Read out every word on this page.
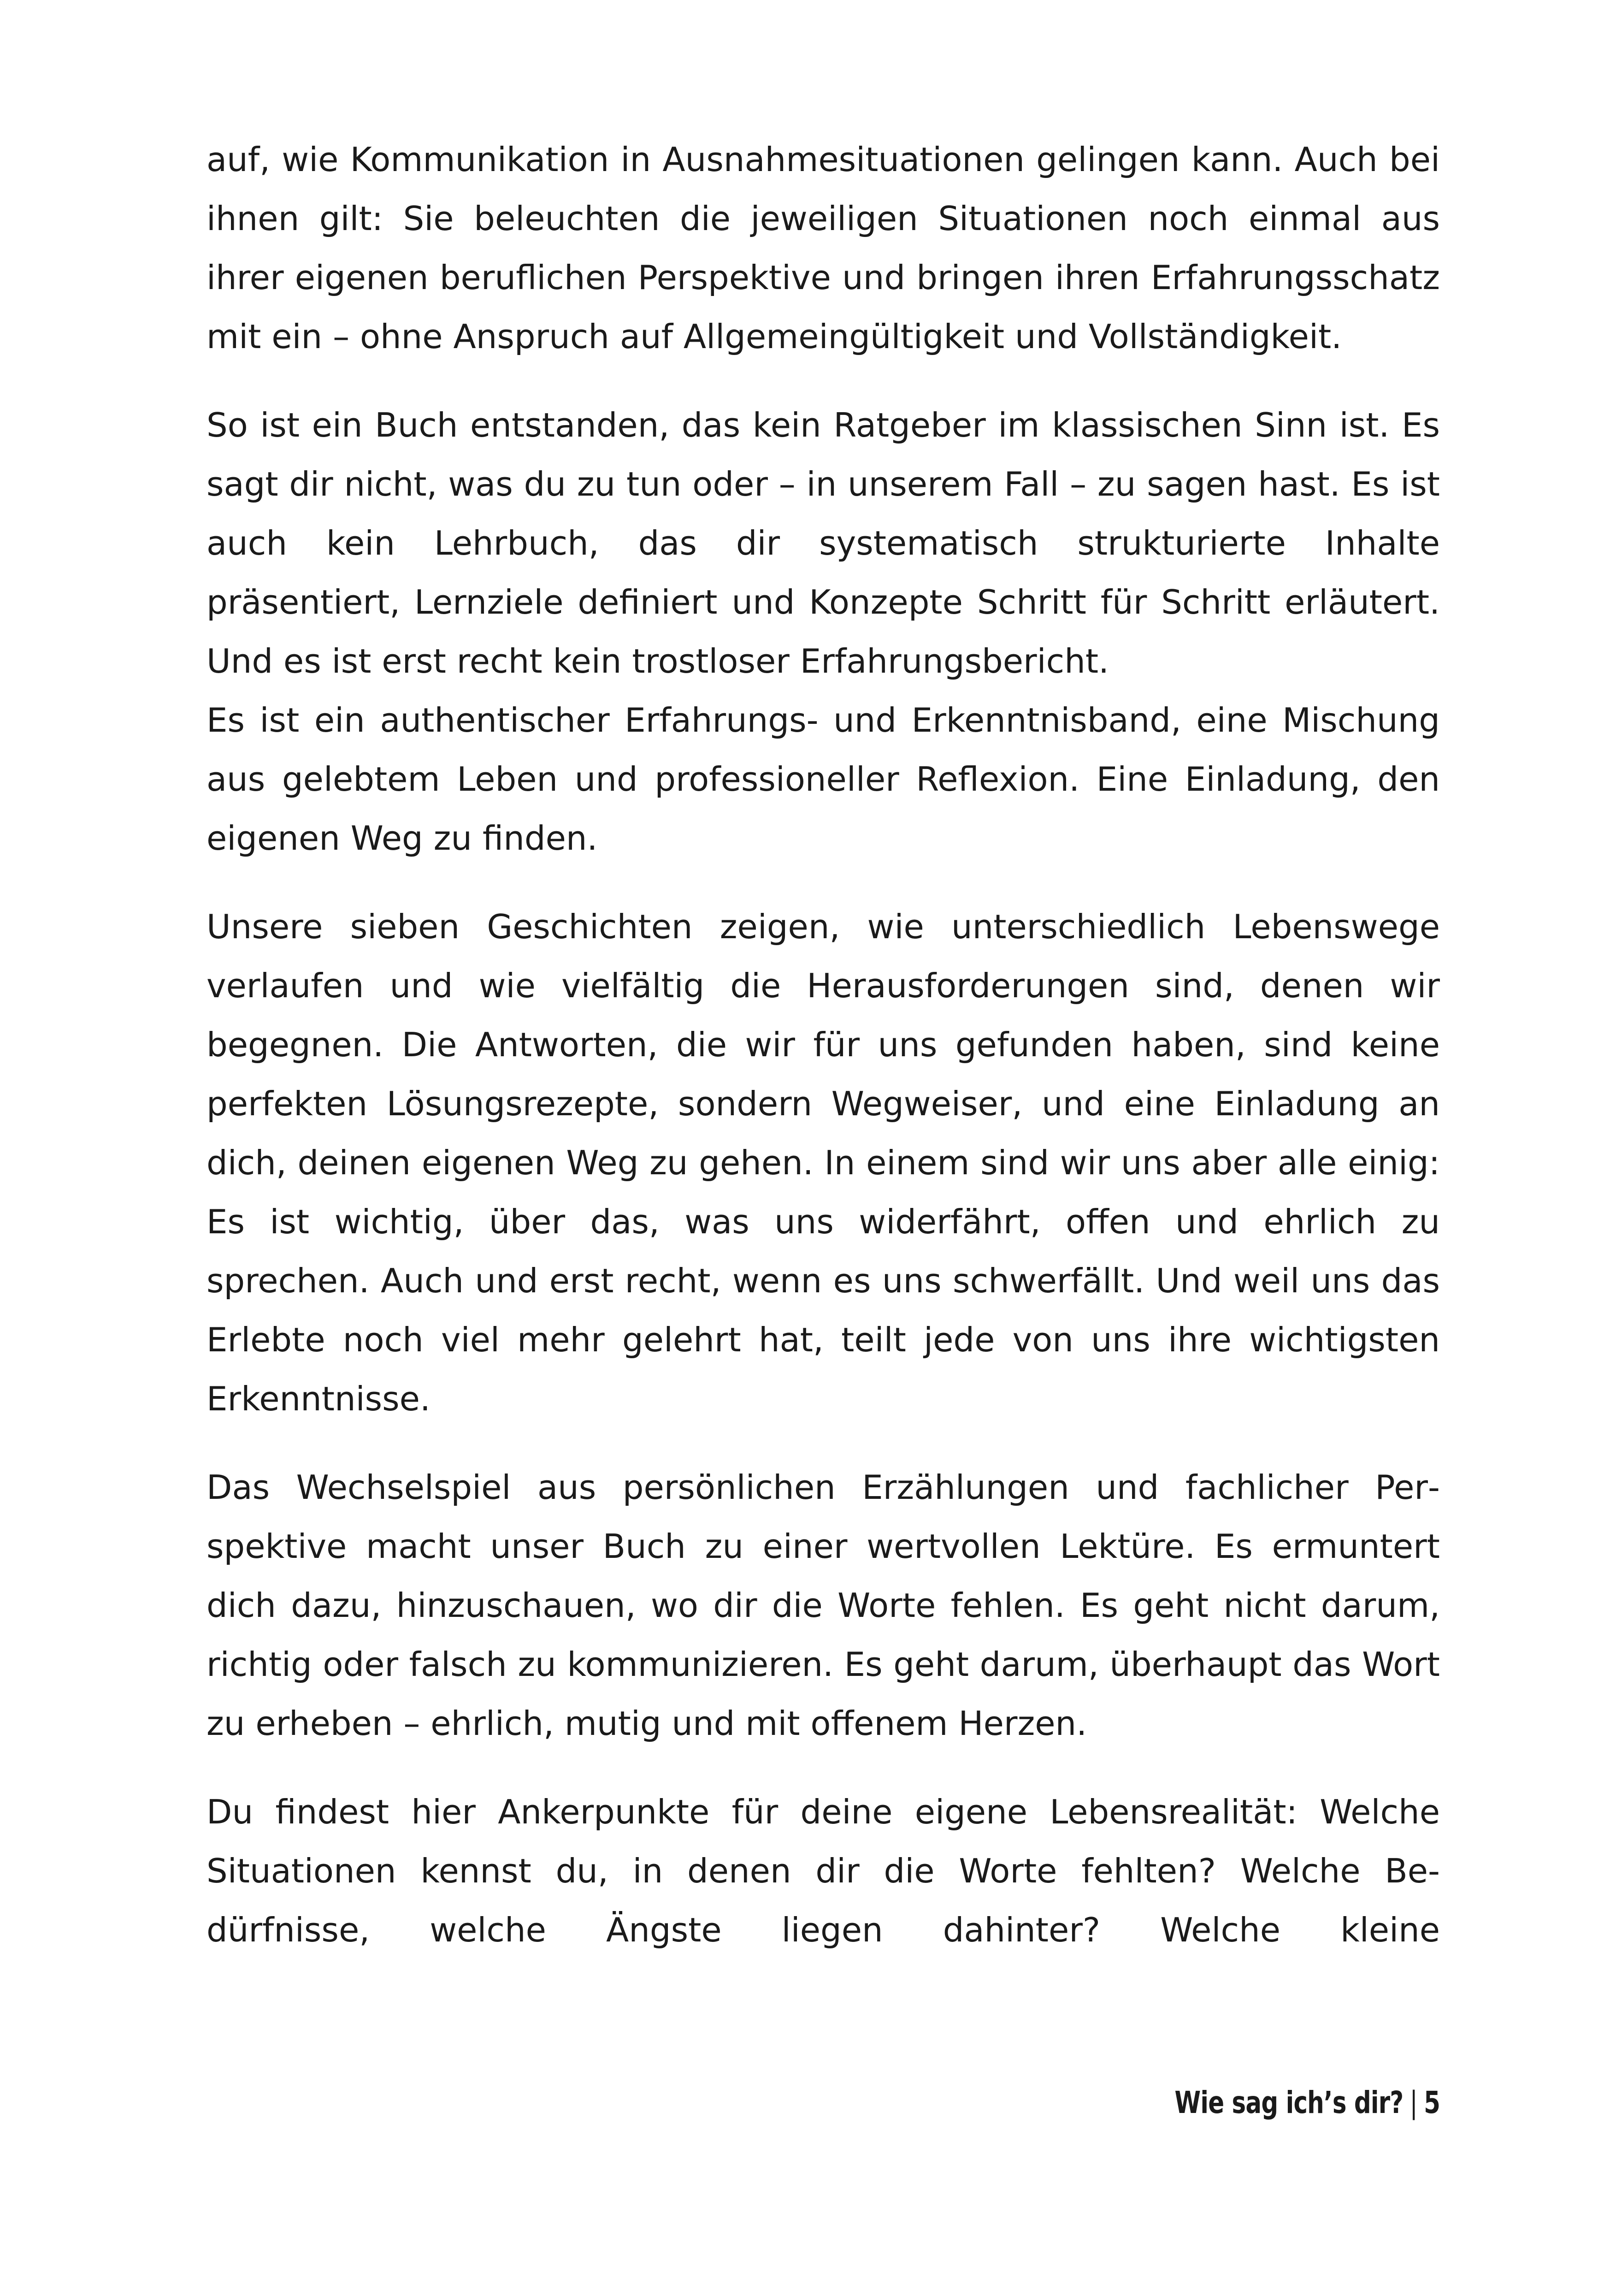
auf, wie Kommunikation in Ausnahmesituationen gelingen kann. Auch bei ihnen gilt: Sie beleuchten die jeweiligen Situationen noch einmal aus ihrer eigenen beruflichen Perspektive und bringen ihren Erfahrungsschatz mit ein – ohne Anspruch auf Allgemeingültigkeit und Vollständigkeit.

So ist ein Buch entstanden, das kein Ratgeber im klassischen Sinn ist. Es sagt dir nicht, was du zu tun oder – in unserem Fall – zu sagen hast. Es ist auch kein Lehrbuch, das dir systematisch strukturierte Inhalte präsentiert, Lernziele definiert und Konzepte Schritt für Schritt erläutert. Und es ist erst recht kein trostloser Erfahrungsbericht.

Es ist ein authentischer Erfahrungs- und Erkenntnisband, eine Mischung aus gelebtem Leben und professioneller Reflexion. Eine Einladung, den eigenen Weg zu finden.

Unsere sieben Geschichten zeigen, wie unterschiedlich Lebenswege verlaufen und wie vielfältig die Herausforderungen sind, denen wir begegnen. Die Antworten, die wir für uns gefunden haben, sind keine perfekten Lösungsrezepte, sondern Wegweiser, und eine Einladung an dich, deinen eigenen Weg zu gehen. In einem sind wir uns aber alle einig: Es ist wichtig, über das, was uns widerfährt, offen und ehrlich zu sprechen. Auch und erst recht, wenn es uns schwerfällt. Und weil uns das Erlebte noch viel mehr gelehrt hat, teilt jede von uns ihre wichtigsten Erkenntnisse.

Das Wechselspiel aus persönlichen Erzählungen und fachlicher Perspektive macht unser Buch zu einer wertvollen Lektüre. Es ermuntert dich dazu, hinzuschauen, wo dir die Worte fehlen. Es geht nicht darum, richtig oder falsch zu kommunizieren. Es geht darum, überhaupt das Wort zu erheben – ehrlich, mutig und mit offenem Herzen.

Du findest hier Ankerpunkte für deine eigene Lebensrealität: Welche Situationen kennst du, in denen dir die Worte fehlten? Welche Bedürfnisse, welche Ängste liegen dahinter? Welche kleine

Wie sag ich’s dir? | 5
